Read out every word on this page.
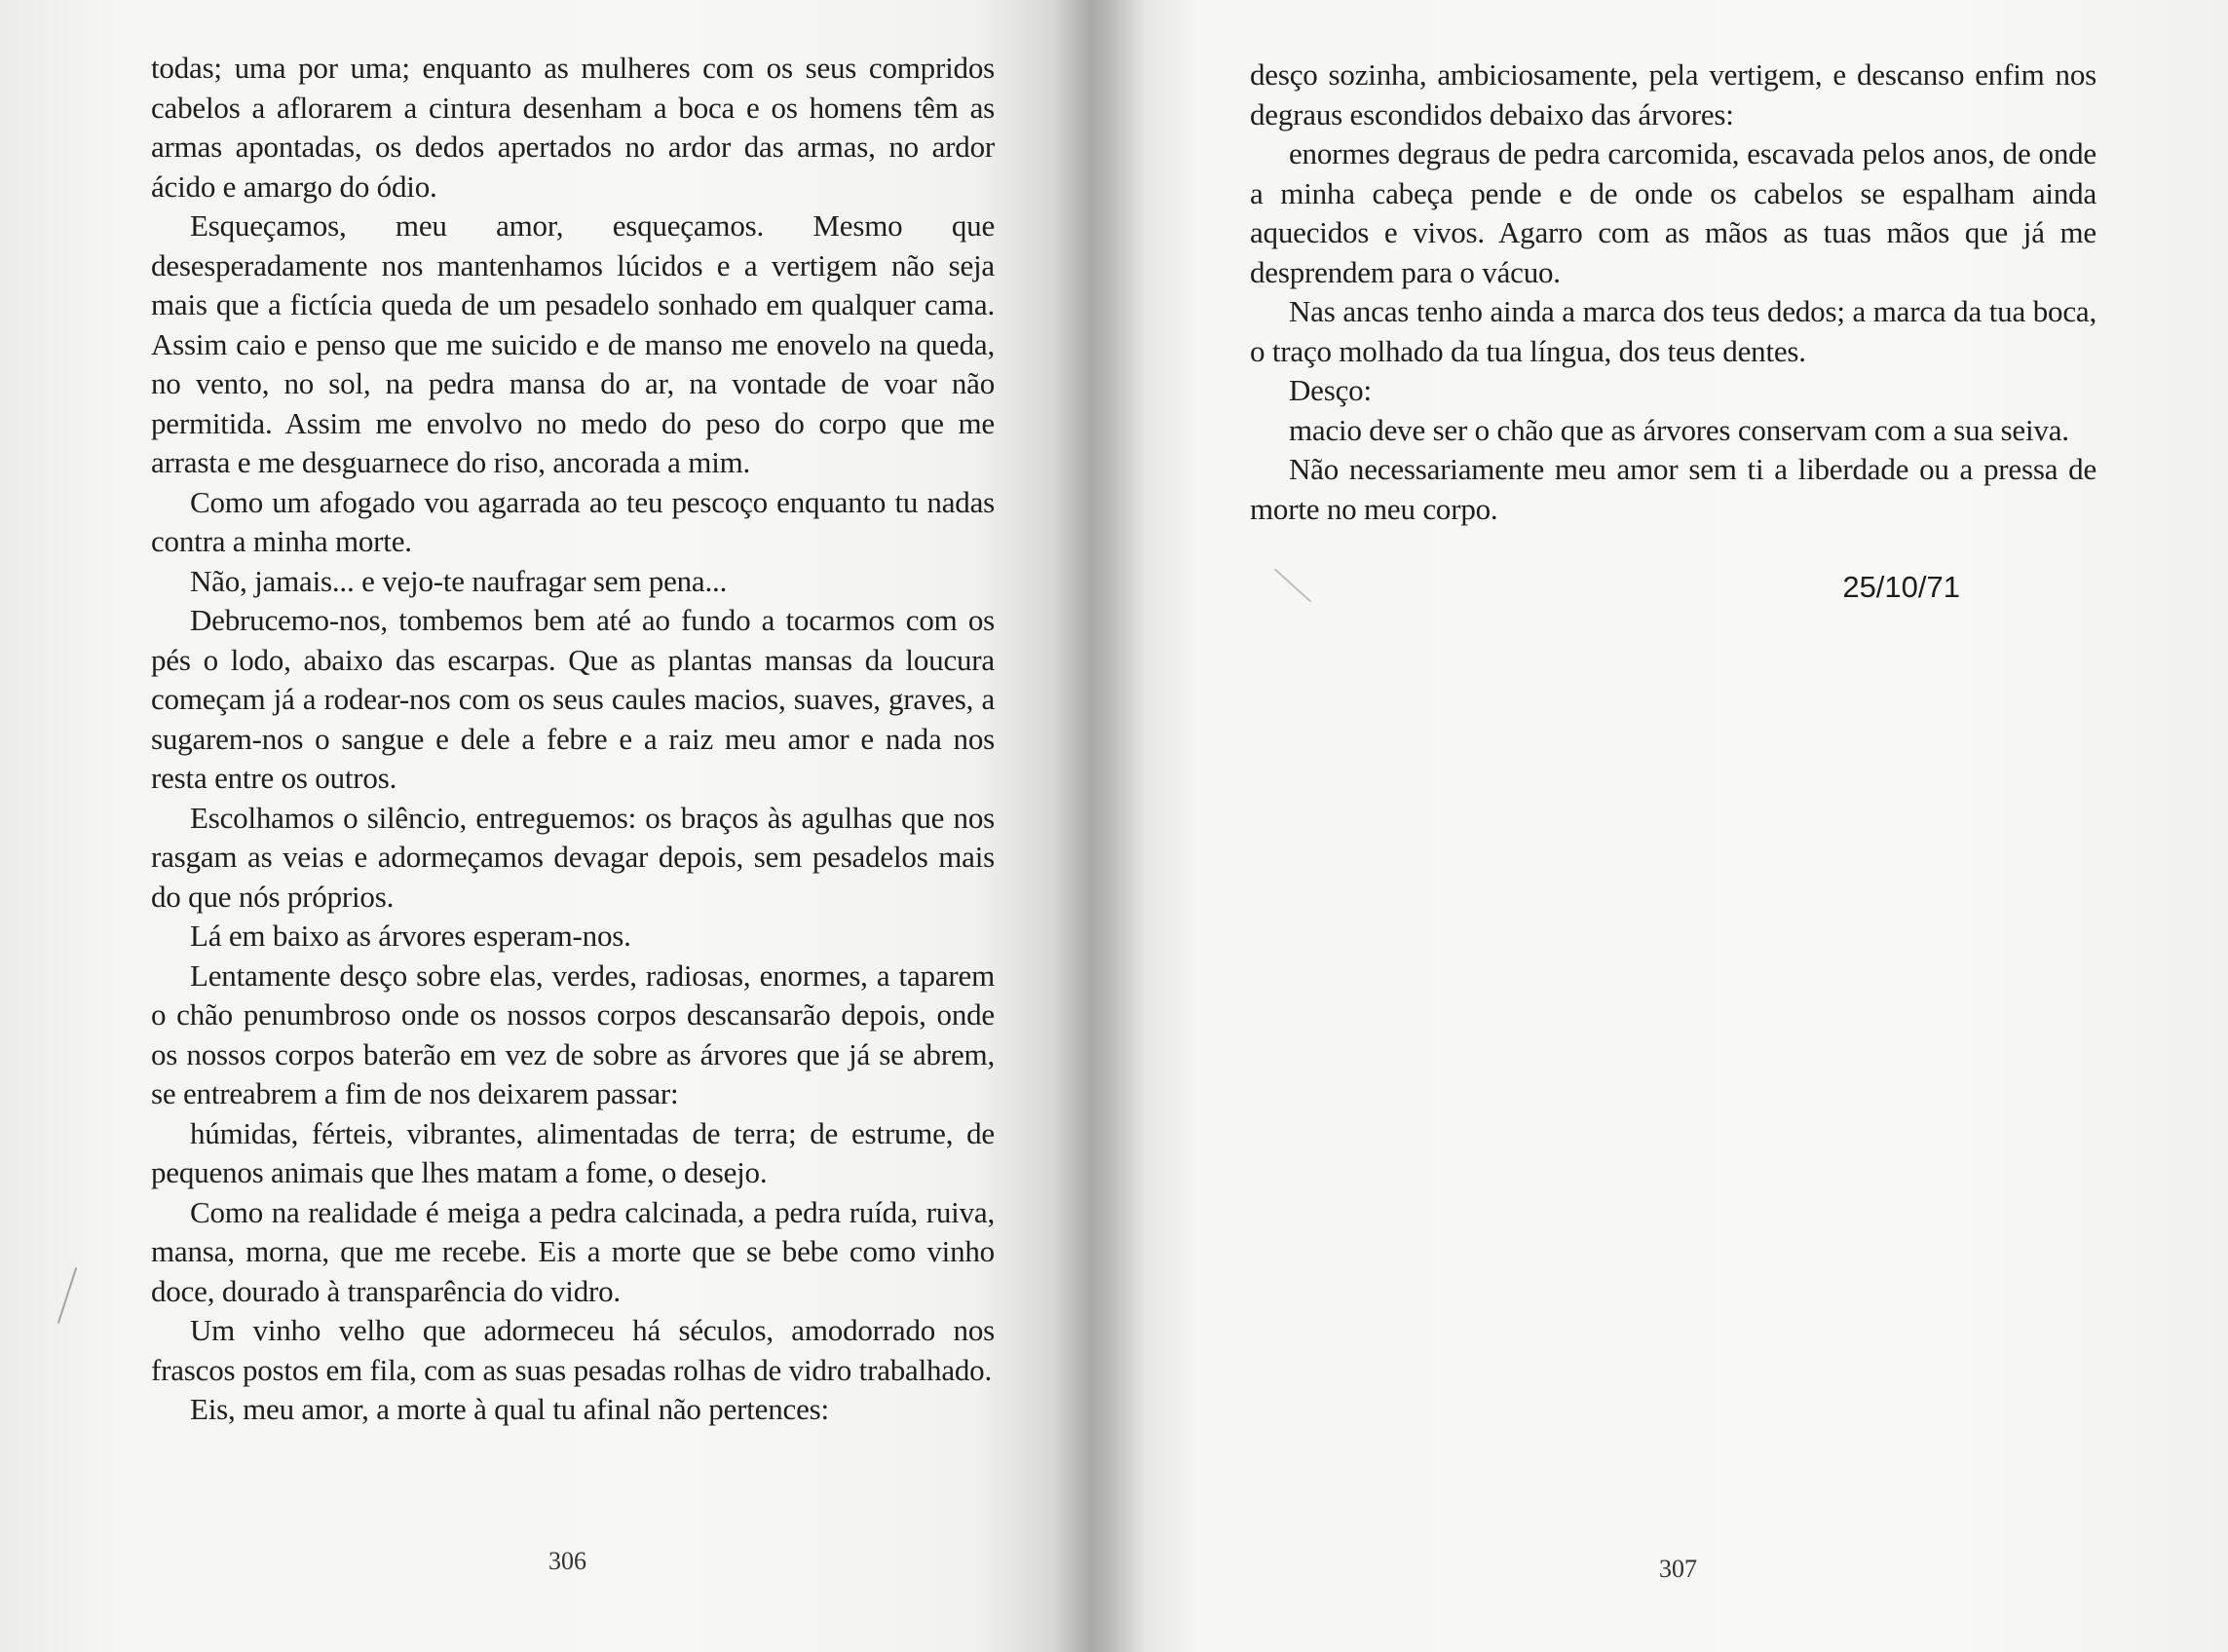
todas; uma por uma; enquanto as mulheres com os seus compridos cabelos a aflorarem a cintura desenham a boca e os homens têm as armas apontadas, os dedos apertados no ardor das armas, no ardor ácido e amargo do ódio.

Esqueçamos, meu amor, esqueçamos. Mesmo que desesperadamente nos mantenhamos lúcidos e a vertigem não seja mais que a fictícia queda de um pesadelo sonhado em qualquer cama. Assim caio e penso que me suicido e de manso me enovelo na queda, no vento, no sol, na pedra mansa do ar, na vontade de voar não permitida. Assim me envolvo no medo do peso do corpo que me arrasta e me desguarnece do riso, ancorada a mim.

Como um afogado vou agarrada ao teu pescoço enquanto tu nadas contra a minha morte.

Não, jamais... e vejo-te naufragar sem pena...

Debrucemo-nos, tombemos bem até ao fundo a tocarmos com os pés o lodo, abaixo das escarpas. Que as plantas mansas da loucura começam já a rodear-nos com os seus caules macios, suaves, graves, a sugarem-nos o sangue e dele a febre e a raiz meu amor e nada nos resta entre os outros.

Escolhamos o silêncio, entreguemos: os braços às agulhas que nos rasgam as veias e adormeçamos devagar depois, sem pesadelos mais do que nós próprios.

Lá em baixo as árvores esperam-nos.

Lentamente desço sobre elas, verdes, radiosas, enormes, a taparem o chão penumbroso onde os nossos corpos descansarão depois, onde os nossos corpos baterão em vez de sobre as árvores que já se abrem, se entreabrem a fim de nos deixarem passar:

húmidas, férteis, vibrantes, alimentadas de terra; de estrume, de pequenos animais que lhes matam a fome, o desejo.

Como na realidade é meiga a pedra calcinada, a pedra ruída, ruiva, mansa, morna, que me recebe. Eis a morte que se bebe como vinho doce, dourado à transparência do vidro.

Um vinho velho que adormeceu há séculos, amodorrado nos frascos postos em fila, com as suas pesadas rolhas de vidro trabalhado.

Eis, meu amor, a morte à qual tu afinal não pertences:

306

desço sozinha, ambiciosamente, pela vertigem, e descanso enfim nos degraus escondidos debaixo das árvores:

enormes degraus de pedra carcomida, escavada pelos anos, de onde a minha cabeça pende e de onde os cabelos se espalham ainda aquecidos e vivos. Agarro com as mãos as tuas mãos que já me desprendem para o vácuo.

Nas ancas tenho ainda a marca dos teus dedos; a marca da tua boca, o traço molhado da tua língua, dos teus dentes.

Desço:

macio deve ser o chão que as árvores conservam com a sua seiva.

Não necessariamente meu amor sem ti a liberdade ou a pressa de morte no meu corpo.

307
25/10/71
